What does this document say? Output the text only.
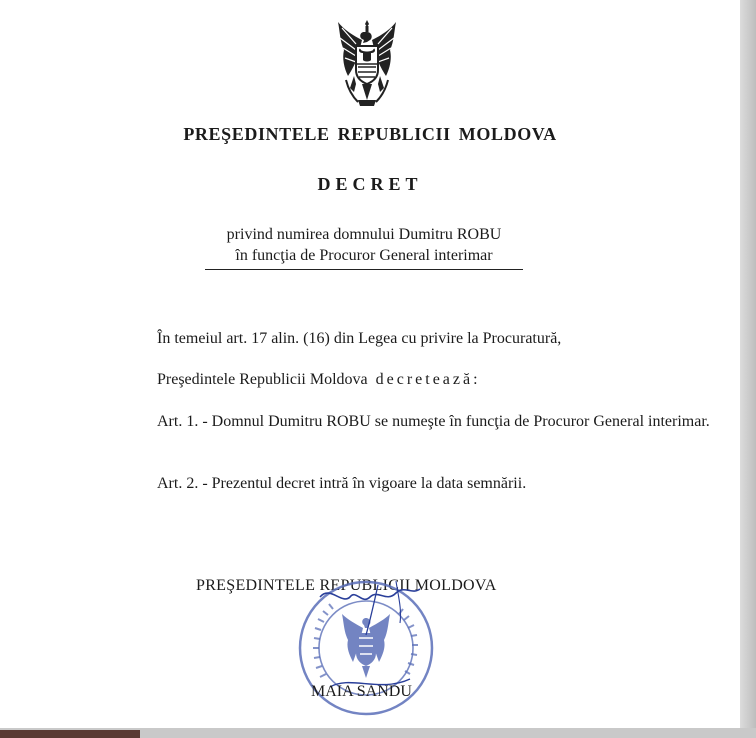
PREŞEDINTELE REPUBLICII MOLDOVA
DECRET
privind numirea domnului Dumitru ROBU
în funcţia de Procuror General interimar
În temeiul art. 17 alin. (16) din Legea cu privire la Procuratură,
Preşedintele Republicii Moldova decretează:
Art. 1. - Domnul Dumitru ROBU se numeşte în funcţia de Procuror General interimar.
Art. 2. - Prezentul decret intră în vigoare la data semnării.
PREŞEDINTELE REPUBLICII MOLDOVA
MAIA SANDU
